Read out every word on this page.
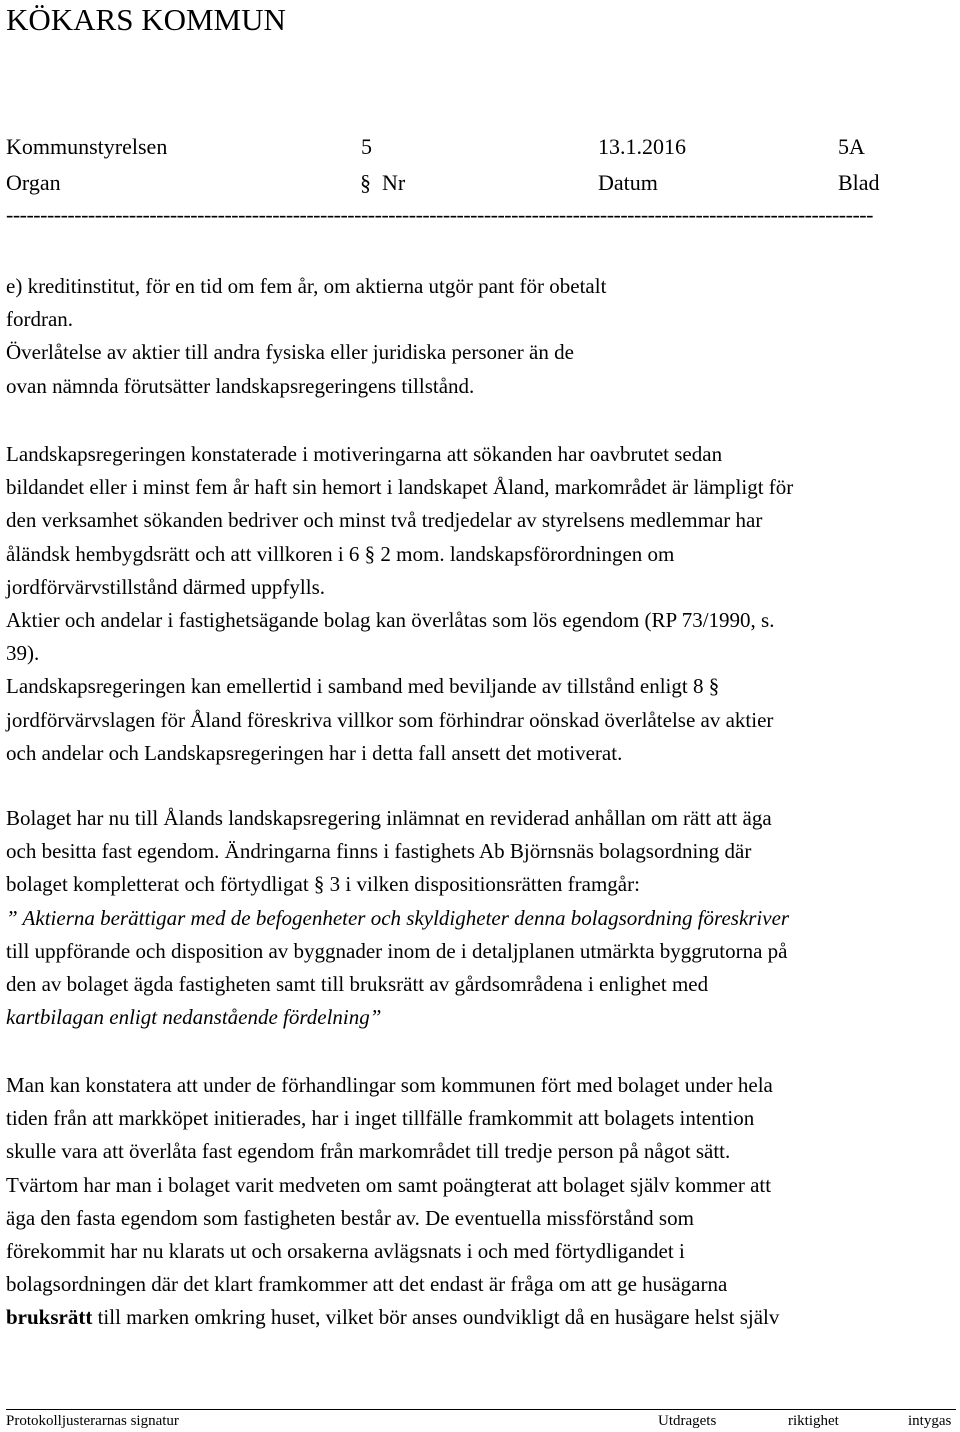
KÖKARS KOMMUN
Kommunstyrelsen	5	13.1.2016	5A
Organ	§ Nr	Datum	Blad
-------------------------------------------------------------------------------------------------------------------------------
e) kreditinstitut, för en tid om fem år, om aktierna utgör pant för obetalt
fordran.
Överlåtelse av aktier till andra fysiska eller juridiska personer än de
ovan nämnda förutsätter landskapsregeringens tillstånd.
Landskapsregeringen konstaterade i motiveringarna att sökanden har oavbrutet sedan
bildandet eller i minst fem år haft sin hemort i landskapet Åland, markområdet är lämpligt för
den verksamhet sökanden bedriver och minst två tredjedelar av styrelsens medlemmar har
åländsk hembygdsrätt och att villkoren i 6 § 2 mom. landskapsförordningen om
jordförvärvstillstånd därmed uppfylls.
Aktier och andelar i fastighetsägande bolag kan överlåtas som lös egendom (RP 73/1990, s.
39).
Landskapsregeringen kan emellertid i samband med beviljande av tillstånd enligt 8 §
jordförvärvslagen för Åland föreskriva villkor som förhindrar oönskad överlåtelse av aktier
och andelar och Landskapsregeringen har i detta fall ansett det motiverat.
Bolaget har nu till Ålands landskapsregering inlämnat en reviderad anhållan om rätt att äga
och besitta fast egendom. Ändringarna finns i fastighets Ab Björnsnäs bolagsordning där
bolaget kompletterat och förtydligat § 3 i vilken dispositionsrätten framgår:
” Aktierna berättigar med de befogenheter och skyldigheter denna bolagsordning föreskriver
till uppförande och disposition av byggnader inom de i detaljplanen utmärkta byggrutorna på
den av bolaget ägda fastigheten samt till bruksrätt av gårdsområdena i enlighet med
kartbilagan enligt nedanstående fördelning”
Man kan konstatera att under de förhandlingar som kommunen fört med bolaget under hela
tiden från att markköpet initierades, har i inget tillfälle framkommit att bolagets intention
skulle vara att överlåta fast egendom från markområdet till tredje person på något sätt.
Tvärtom har man i bolaget varit medveten om samt poängterat att bolaget själv kommer att
äga den fasta egendom som fastigheten består av. De eventuella missförstånd som
förekommit har nu klarats ut och orsakerna avlägsnats i och med förtydligandet i
bolagsordningen där det klart framkommer att det endast är fråga om att ge husägarna
bruksrätt till marken omkring huset, vilket bör anses oundvikligt då en husägare helst själv
Protokolljusterarnas signatur	Utdragets	riktighet	intygas
